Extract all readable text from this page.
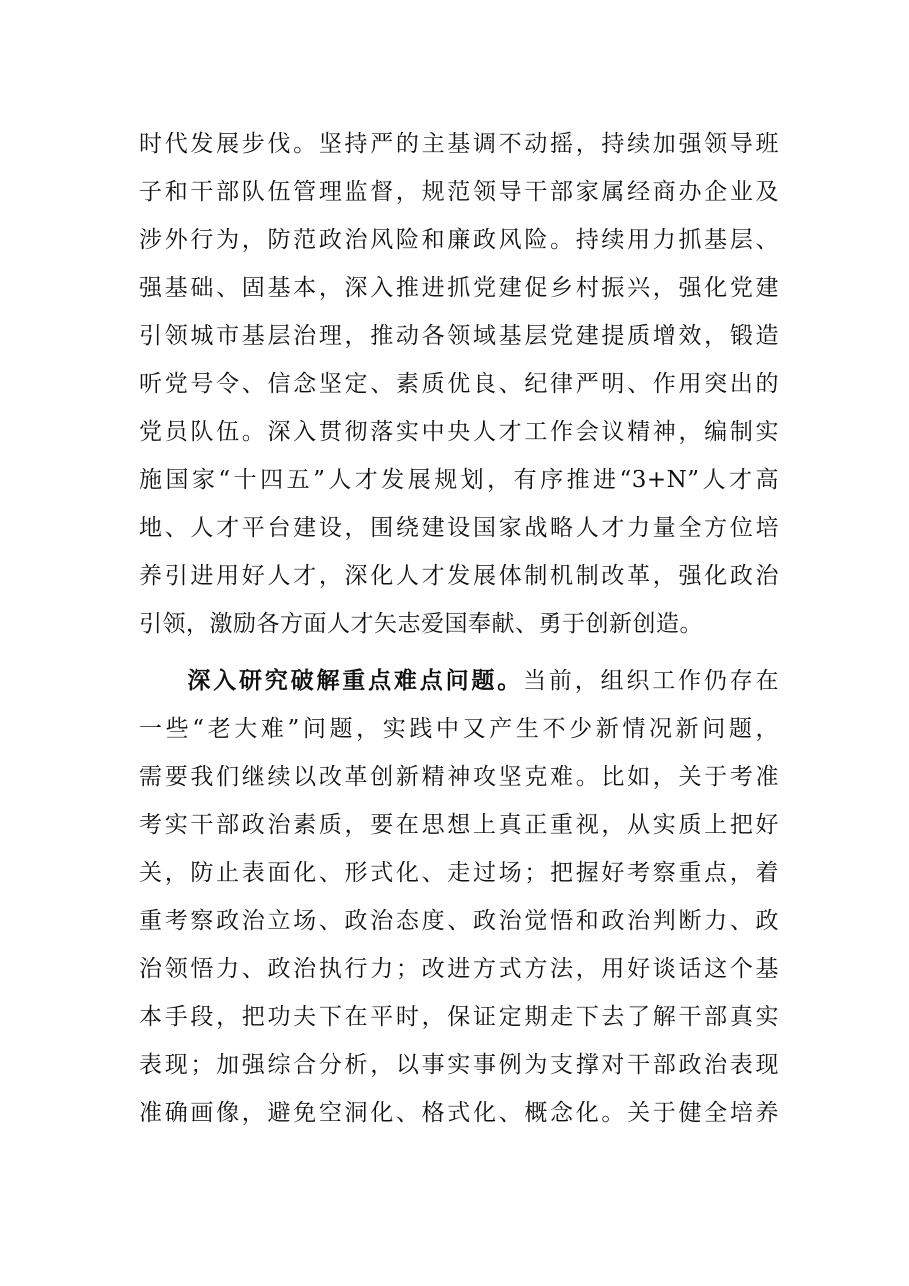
时代发展步伐。坚持严的主基调不动摇，持续加强领导班
子和干部队伍管理监督，规范领导干部家属经商办企业及
涉外行为，防范政治风险和廉政风险。持续用力抓基层、
强基础、固基本，深入推进抓党建促乡村振兴，强化党建
引领城市基层治理，推动各领域基层党建提质增效，锻造
听党号令、信念坚定、素质优良、纪律严明、作用突出的
党员队伍。深入贯彻落实中央人才工作会议精神，编制实
施国家“十四五”人才发展规划，有序推进“3+N”人才高
地、人才平台建设，围绕建设国家战略人才力量全方位培
养引进用好人才，深化人才发展体制机制改革，强化政治
引领，激励各方面人才矢志爱国奉献、勇于创新创造。
深入研究破解重点难点问题。当前，组织工作仍存在
一些“老大难”问题，实践中又产生不少新情况新问题，
需要我们继续以改革创新精神攻坚克难。比如，关于考准
考实干部政治素质，要在思想上真正重视，从实质上把好
关，防止表面化、形式化、走过场；把握好考察重点，着
重考察政治立场、政治态度、政治觉悟和政治判断力、政
治领悟力、政治执行力；改进方式方法，用好谈话这个基
本手段，把功夫下在平时，保证定期走下去了解干部真实
表现；加强综合分析，以事实事例为支撑对干部政治表现
准确画像，避免空洞化、格式化、概念化。关于健全培养
